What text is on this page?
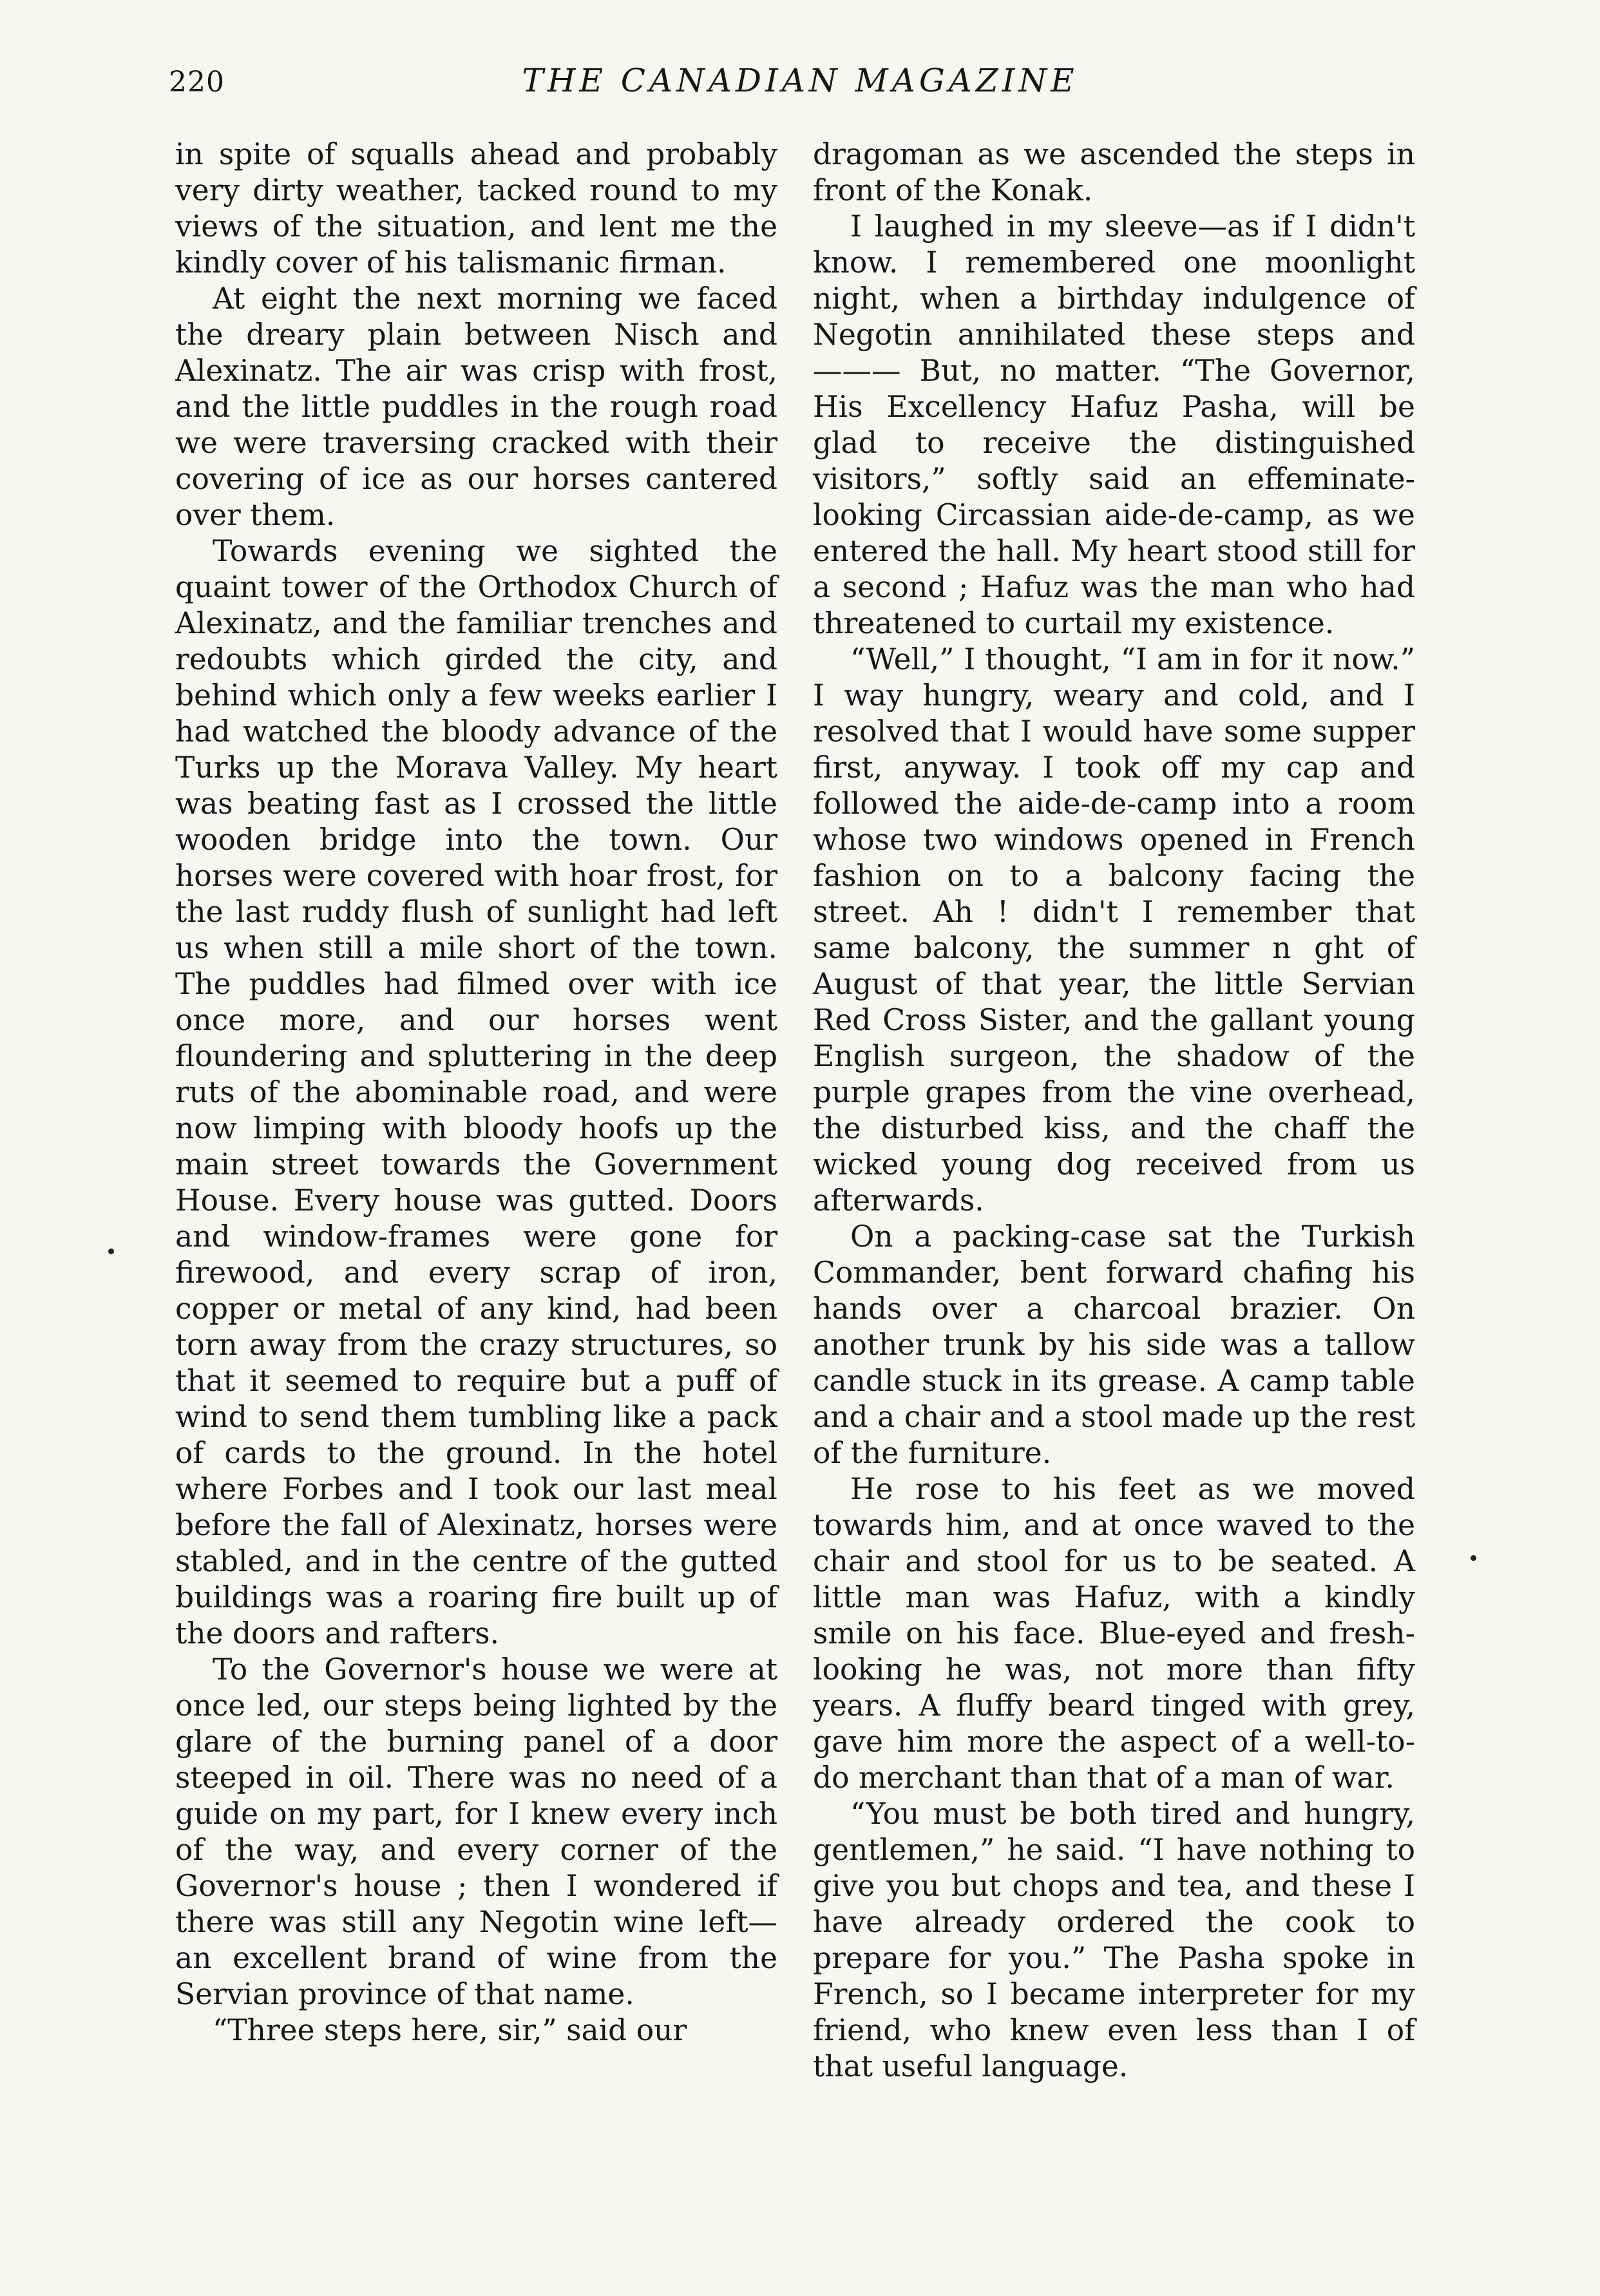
220	THE CANADIAN MAGAZINE

in spite of squalls ahead and probably very dirty weather, tacked round to my views of the situation, and lent me the kindly cover of his talismanic firman.

At eight the next morning we faced the dreary plain between Nisch and Alexinatz. The air was crisp with frost, and the little puddles in the rough road we were traversing cracked with their covering of ice as our horses cantered over them.

Towards evening we sighted the quaint tower of the Orthodox Church of Alexinatz, and the familiar trenches and redoubts which girded the city, and behind which only a few weeks earlier I had watched the bloody advance of the Turks up the Morava Valley. My heart was beating fast as I crossed the little wooden bridge into the town. Our horses were covered with hoar frost, for the last ruddy flush of sunlight had left us when still a mile short of the town. The puddles had filmed over with ice once more, and our horses went floundering and spluttering in the deep ruts of the abominable road, and were now limping with bloody hoofs up the main street towards the Government House. Every house was gutted. Doors and window-frames were gone for firewood, and every scrap of iron, copper or metal of any kind, had been torn away from the crazy structures, so that it seemed to require but a puff of wind to send them tumbling like a pack of cards to the ground. In the hotel where Forbes and I took our last meal before the fall of Alexinatz, horses were stabled, and in the centre of the gutted buildings was a roaring fire built up of the doors and rafters.

To the Governor's house we were at once led, our steps being lighted by the glare of the burning panel of a door steeped in oil. There was no need of a guide on my part, for I knew every inch of the way, and every corner of the Governor's house ; then I wondered if there was still any Negotin wine left—an excellent brand of wine from the Servian province of that name.

“Three steps here, sir,” said our

dragoman as we ascended the steps in front of the Konak.

I laughed in my sleeve—as if I didn't know. I remembered one moonlight night, when a birthday indulgence of Negotin annihilated these steps and ——— But, no matter. “The Governor, His Excellency Hafuz Pasha, will be glad to receive the distinguished visitors,” softly said an effeminate-looking Circassian aide-de-camp, as we entered the hall. My heart stood still for a second ; Hafuz was the man who had threatened to curtail my existence.

“Well,” I thought, “I am in for it now.” I way hungry, weary and cold, and I resolved that I would have some supper first, anyway. I took off my cap and followed the aide-de-camp into a room whose two windows opened in French fashion on to a balcony facing the street. Ah ! didn't I remember that same balcony, the summer n ght of August of that year, the little Servian Red Cross Sister, and the gallant young English surgeon, the shadow of the purple grapes from the vine overhead, the disturbed kiss, and the chaff the wicked young dog received from us afterwards.

On a packing-case sat the Turkish Commander, bent forward chafing his hands over a charcoal brazier. On another trunk by his side was a tallow candle stuck in its grease. A camp table and a chair and a stool made up the rest of the furniture.

He rose to his feet as we moved towards him, and at once waved to the chair and stool for us to be seated. A little man was Hafuz, with a kindly smile on his face. Blue-eyed and fresh-looking he was, not more than fifty years. A fluffy beard tinged with grey, gave him more the aspect of a well-to-do merchant than that of a man of war.

“You must be both tired and hungry, gentlemen,” he said. “I have nothing to give you but chops and tea, and these I have already ordered the cook to prepare for you.” The Pasha spoke in French, so I became interpreter for my friend, who knew even less than I of that useful language.
